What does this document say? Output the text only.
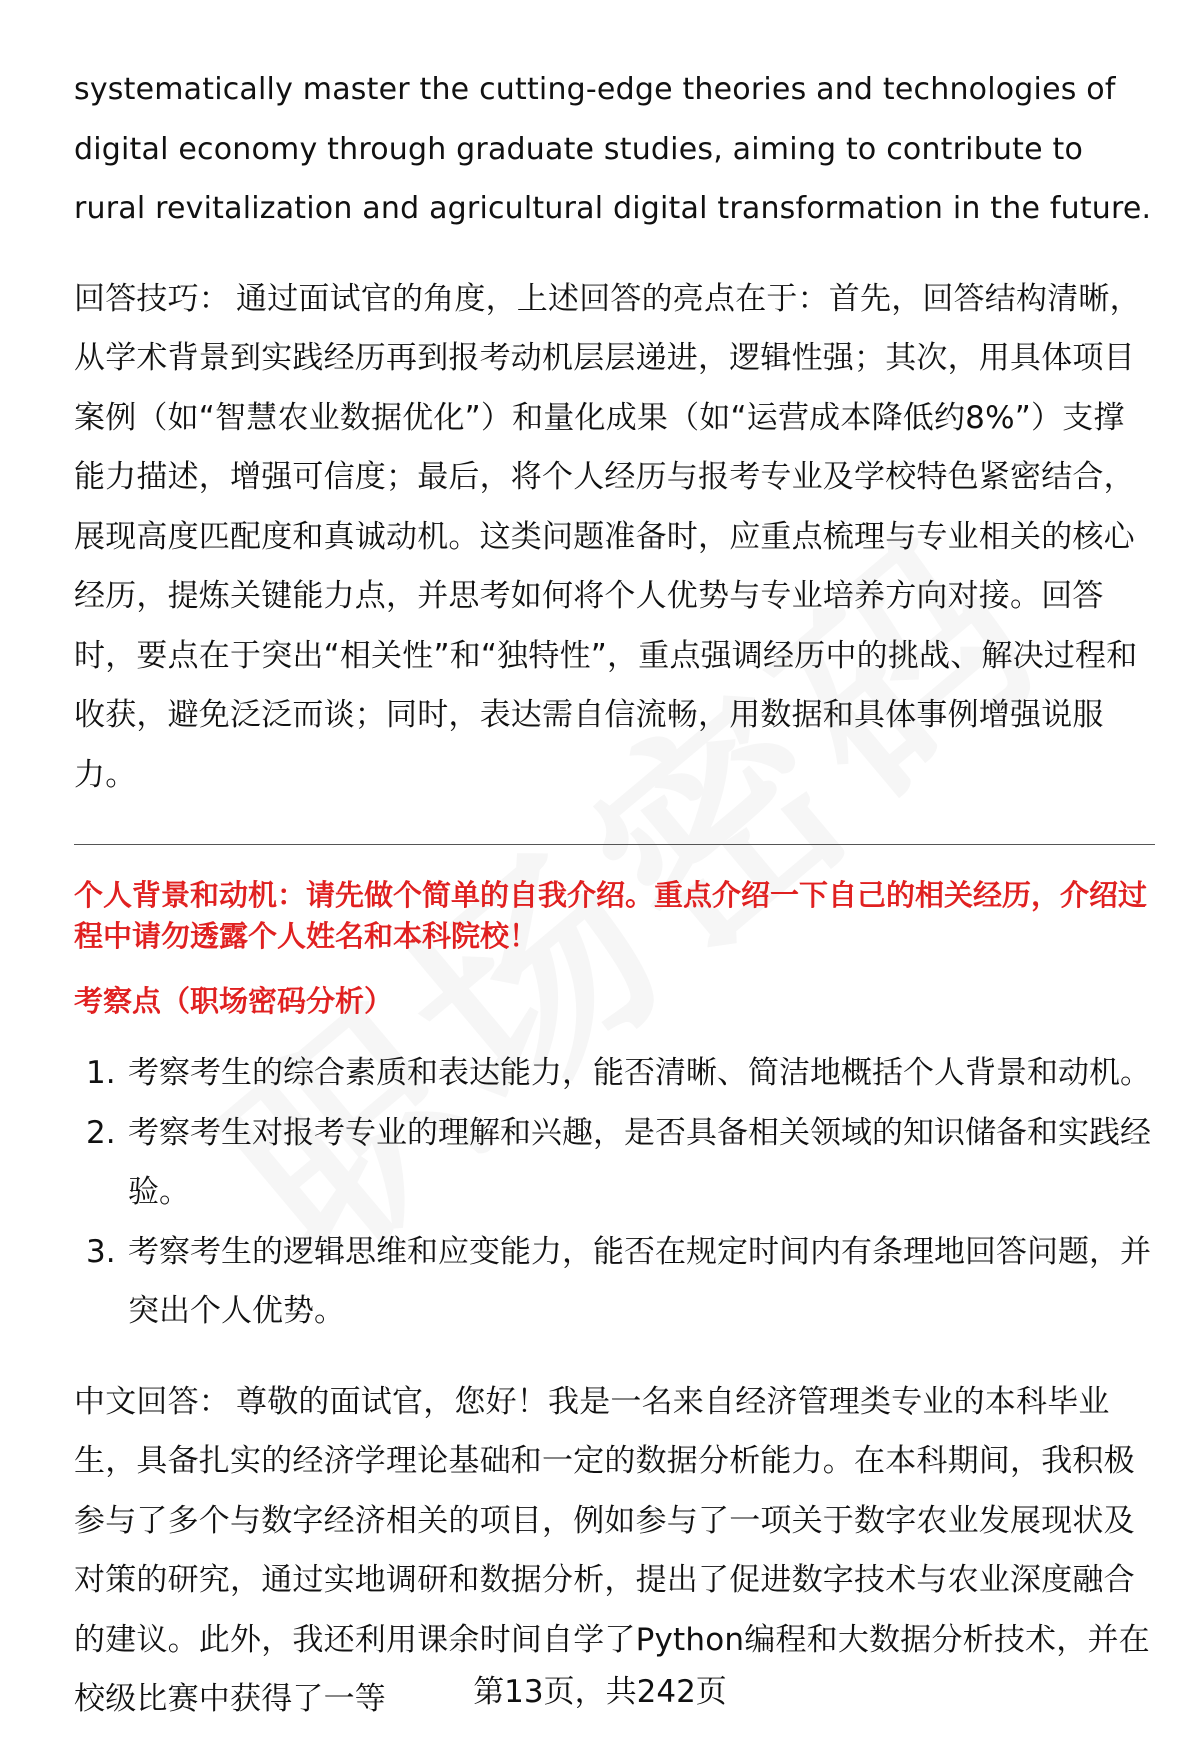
systematically master the cutting-edge theories and technologies of digital economy through graduate studies, aiming to contribute to rural revitalization and agricultural digital transformation in the future.

回答技巧： 通过面试官的角度，上述回答的亮点在于：首先，回答结构清晰，从学术背景到实践经历再到报考动机层层递进，逻辑性强；其次，用具体项目案例（如“智慧农业数据优化”）和量化成果（如“运营成本降低约8%”）支撑能力描述，增强可信度；最后，将个人经历与报考专业及学校特色紧密结合，展现高度匹配度和真诚动机。这类问题准备时，应重点梳理与专业相关的核心经历，提炼关键能力点，并思考如何将个人优势与专业培养方向对接。回答时，要点在于突出“相关性”和“独特性”，重点强调经历中的挑战、解决过程和收获，避免泛泛而谈；同时，表达需自信流畅，用数据和具体事例增强说服力。

个人背景和动机：请先做个简单的自我介绍。重点介绍一下自己的相关经历，介绍过程中请勿透露个人姓名和本科院校！

考察点（职场密码分析）

1. 考察考生的综合素质和表达能力，能否清晰、简洁地概括个人背景和动机。
2. 考察考生对报考专业的理解和兴趣，是否具备相关领域的知识储备和实践经验。
3. 考察考生的逻辑思维和应变能力，能否在规定时间内有条理地回答问题，并突出个人优势。

中文回答： 尊敬的面试官，您好！我是一名来自经济管理类专业的本科毕业生，具备扎实的经济学理论基础和一定的数据分析能力。在本科期间，我积极参与了多个与数字经济相关的项目，例如参与了一项关于数字农业发展现状及对策的研究，通过实地调研和数据分析，提出了促进数字技术与农业深度融合的建议。此外，我还利用课余时间自学了Python编程和大数据分析技术，并在校级比赛中获得了一等	第13页，共242页
